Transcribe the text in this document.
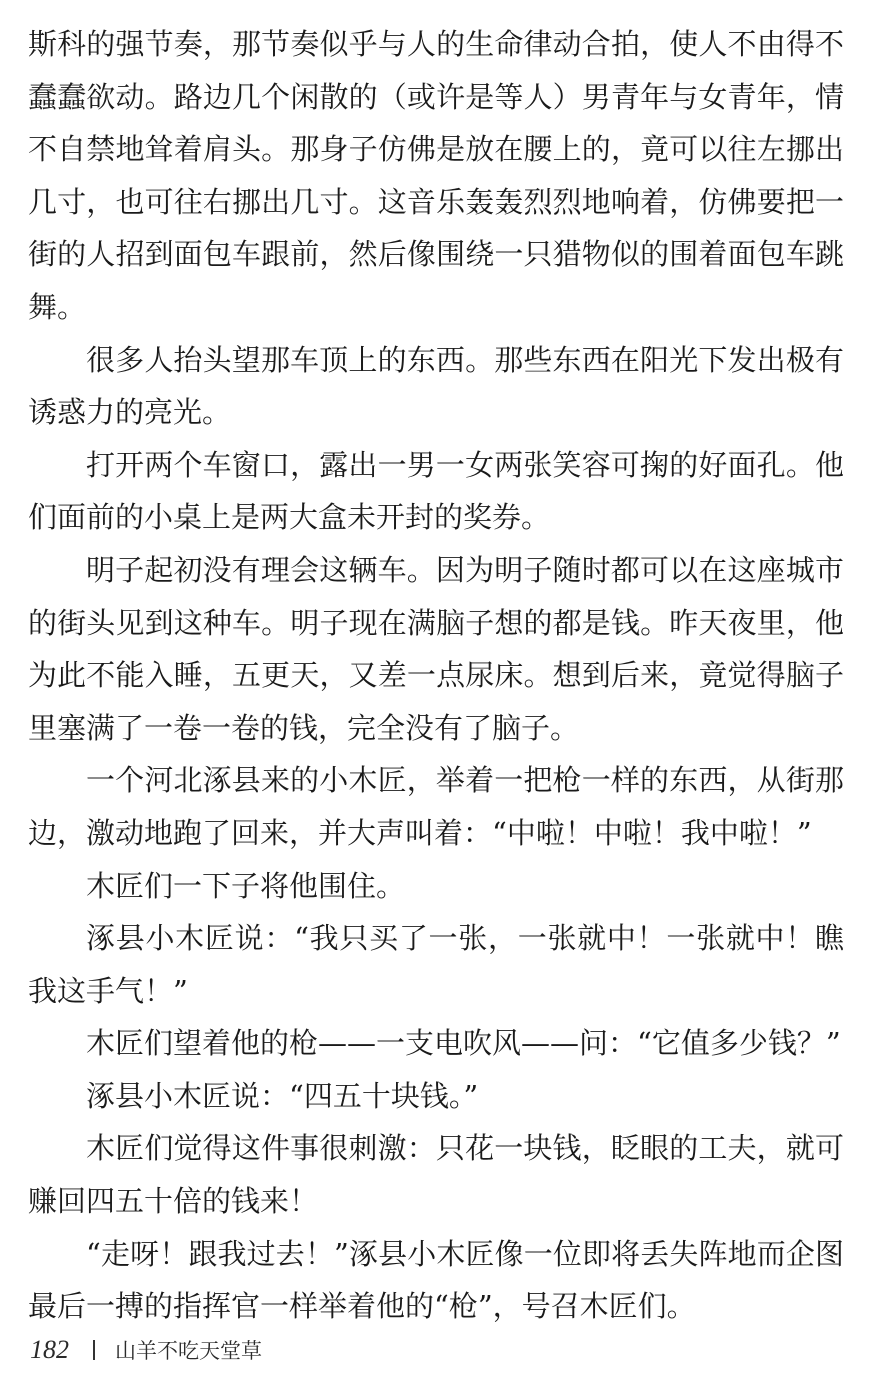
斯科的强节奏，那节奏似乎与人的生命律动合拍，使人不由得不蠢蠢欲动。路边几个闲散的（或许是等人）男青年与女青年，情不自禁地耸着肩头。那身子仿佛是放在腰上的，竟可以往左挪出几寸，也可往右挪出几寸。这音乐轰轰烈烈地响着，仿佛要把一街的人招到面包车跟前，然后像围绕一只猎物似的围着面包车跳舞。

很多人抬头望那车顶上的东西。那些东西在阳光下发出极有诱惑力的亮光。

打开两个车窗口，露出一男一女两张笑容可掬的好面孔。他们面前的小桌上是两大盒未开封的奖券。

明子起初没有理会这辆车。因为明子随时都可以在这座城市的街头见到这种车。明子现在满脑子想的都是钱。昨天夜里，他为此不能入睡，五更天，又差一点尿床。想到后来，竟觉得脑子里塞满了一卷一卷的钱，完全没有了脑子。

一个河北涿县来的小木匠，举着一把枪一样的东西，从街那边，激动地跑了回来，并大声叫着：“中啦！中啦！我中啦！”

木匠们一下子将他围住。

涿县小木匠说：“我只买了一张，一张就中！一张就中！瞧我这手气！”

木匠们望着他的枪——一支电吹风——问：“它值多少钱？”

涿县小木匠说：“四五十块钱。”

木匠们觉得这件事很刺激：只花一块钱，眨眼的工夫，就可赚回四五十倍的钱来！

“走呀！跟我过去！”涿县小木匠像一位即将丢失阵地而企图最后一搏的指挥官一样举着他的“枪”，号召木匠们。

182 山羊不吃天堂草
